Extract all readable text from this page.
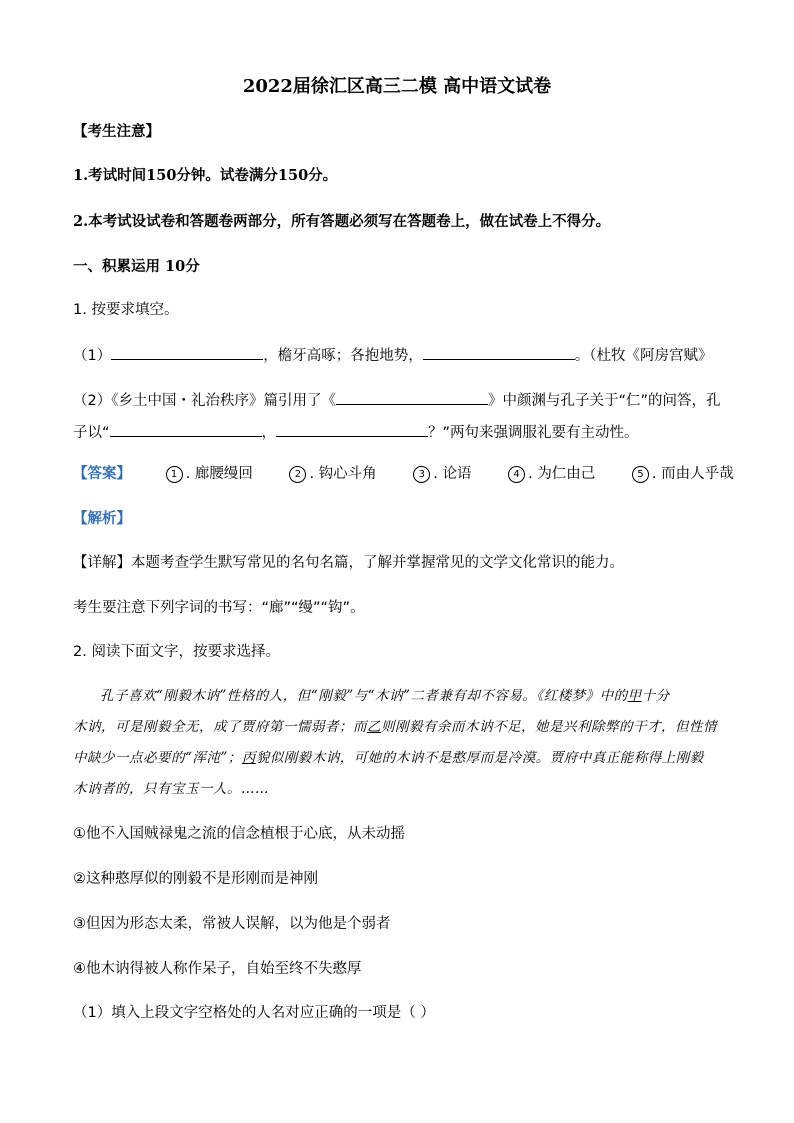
2022届徐汇区高三二模 高中语文试卷
【考生注意】
1.考试时间150分钟。试卷满分150分。
2.本考试设试卷和答题卷两部分，所有答题必须写在答题卷上，做在试卷上不得分。
一、积累运用 10分
1. 按要求填空。
（1）	，檐牙高啄；各抱地势，	。（杜牧《阿房宫赋》
（2）《乡土中国・礼治秩序》篇引用了《	》中颜渊与孔子关于“仁”的问答，孔
子以“	，	？”两句来强调服礼要有主动性。
【答案】	1 . 廊腰缦回	2 . 钩心斗角	3 . 论语	4 . 为仁由己	5 . 而由人乎哉
【解析】
【详解】本题考查学生默写常见的名句名篇，了解并掌握常见的文学文化常识的能力。
考生要注意下列字词的书写：“廊”“缦”“钩”。
2. 阅读下面文字，按要求选择。
孔子喜欢“刚毅木讷”性格的人，但“刚毅”与“木讷”二者兼有却不容易。《红楼梦》中的甲十分
木讷，可是刚毅全无，成了贾府第一懦弱者；而乙则刚毅有余而木讷不足，她是兴利除弊的干才，但性情
中缺少一点必要的“浑沌”；丙貌似刚毅木讷，可她的木讷不是憨厚而是冷漠。贾府中真正能称得上刚毅
木讷者的，只有宝玉一人。……
①他不入国贼禄鬼之流的信念植根于心底，从未动摇
②这种憨厚似的刚毅不是形刚而是神刚
③但因为形态太柔，常被人误解，以为他是个弱者
④他木讷得被人称作呆子，自始至终不失憨厚
（1）填入上段文字空格处的人名对应正确的一项是（ ）
